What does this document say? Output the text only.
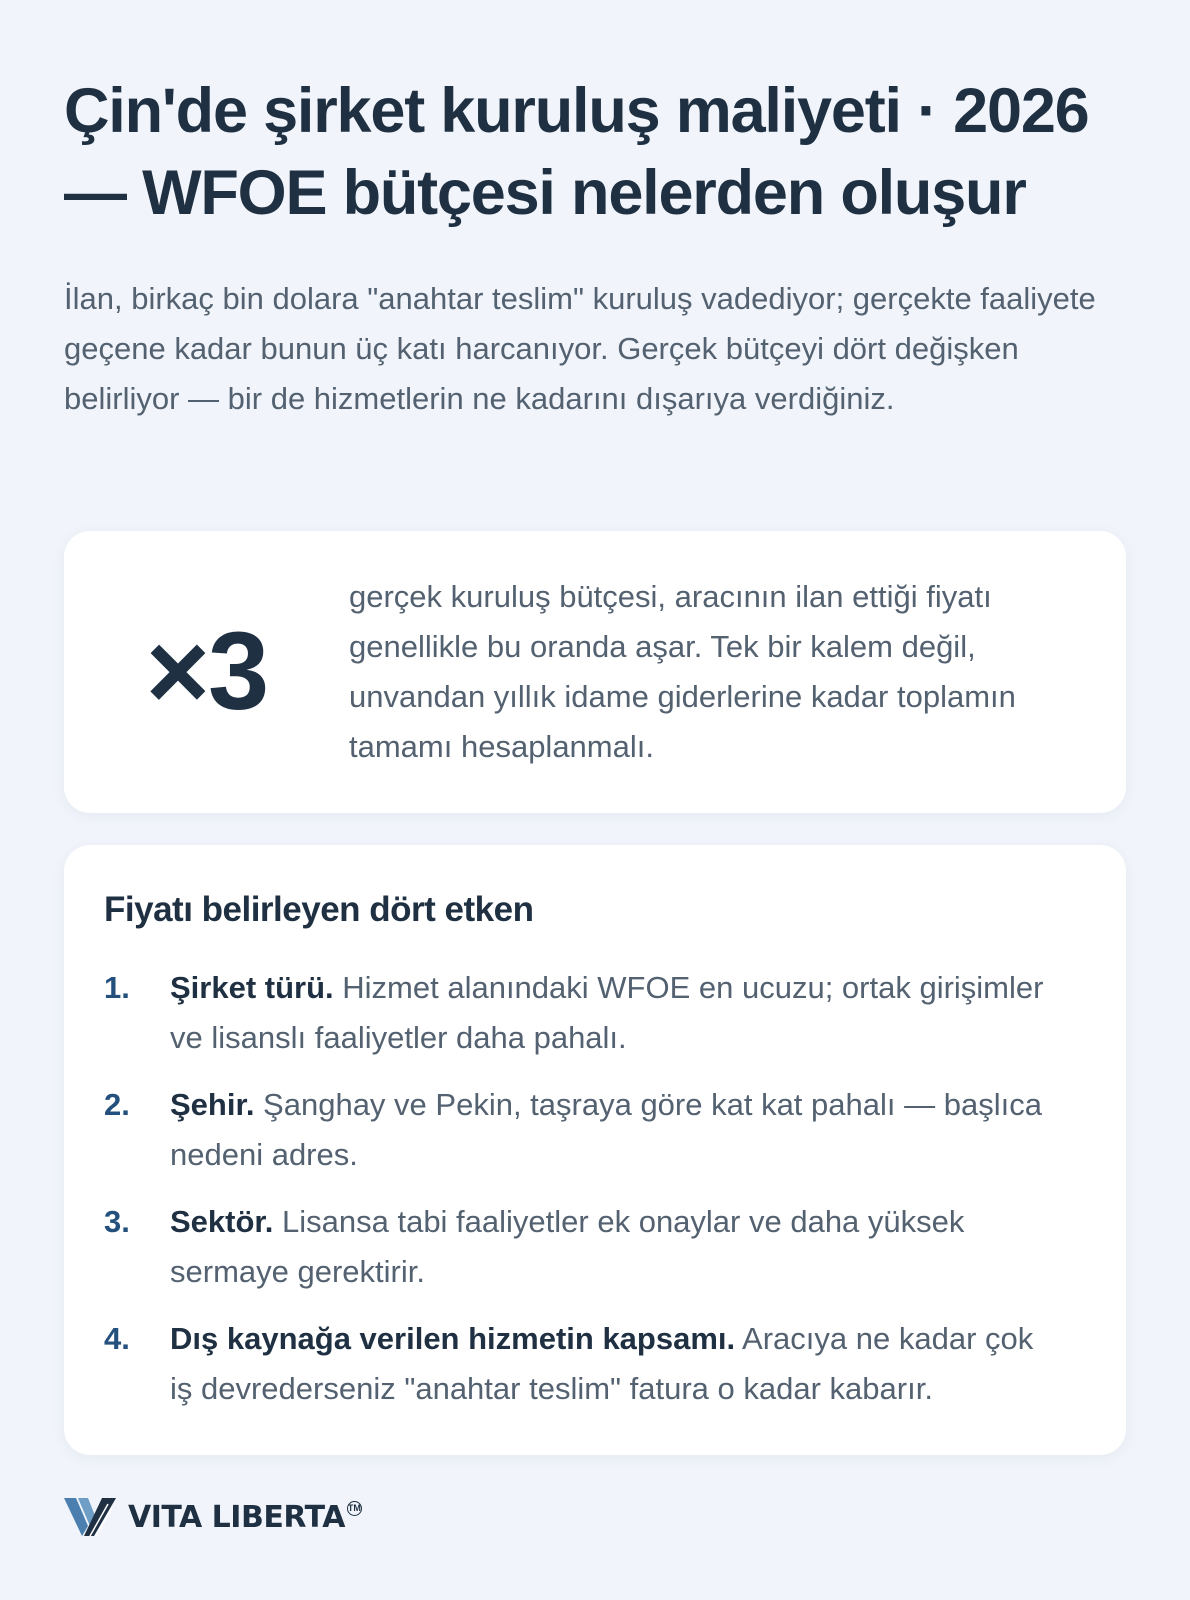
Çin'de şirket kuruluş maliyeti · 2026 — WFOE bütçesi nelerden oluşur

İlan, birkaç bin dolara "anahtar teslim" kuruluş vadediyor; gerçekte faaliyete geçene kadar bunun üç katı harcanıyor. Gerçek bütçeyi dört değişken belirliyor — bir de hizmetlerin ne kadarını dışarıya verdiğiniz.

×3
gerçek kuruluş bütçesi, aracının ilan ettiği fiyatı genellikle bu oranda aşar. Tek bir kalem değil, unvandan yıllık idame giderlerine kadar toplamın tamamı hesaplanmalı.
Fiyatı belirleyen dört etken
1.	Şirket türü. Hizmet alanındaki WFOE en ucuzu; ortak girişimler ve lisanslı faaliyetler daha pahalı.
2.	Şehir. Şanghay ve Pekin, taşraya göre kat kat pahalı — başlıca nedeni adres.
3.	Sektör. Lisansa tabi faaliyetler ek onaylar ve daha yüksek sermaye gerektirir.
4.	Dış kaynağa verilen hizmetin kapsamı. Aracıya ne kadar çok iş devrederseniz "anahtar teslim" fatura o kadar kabarır.
VITA LIBERTA TM
